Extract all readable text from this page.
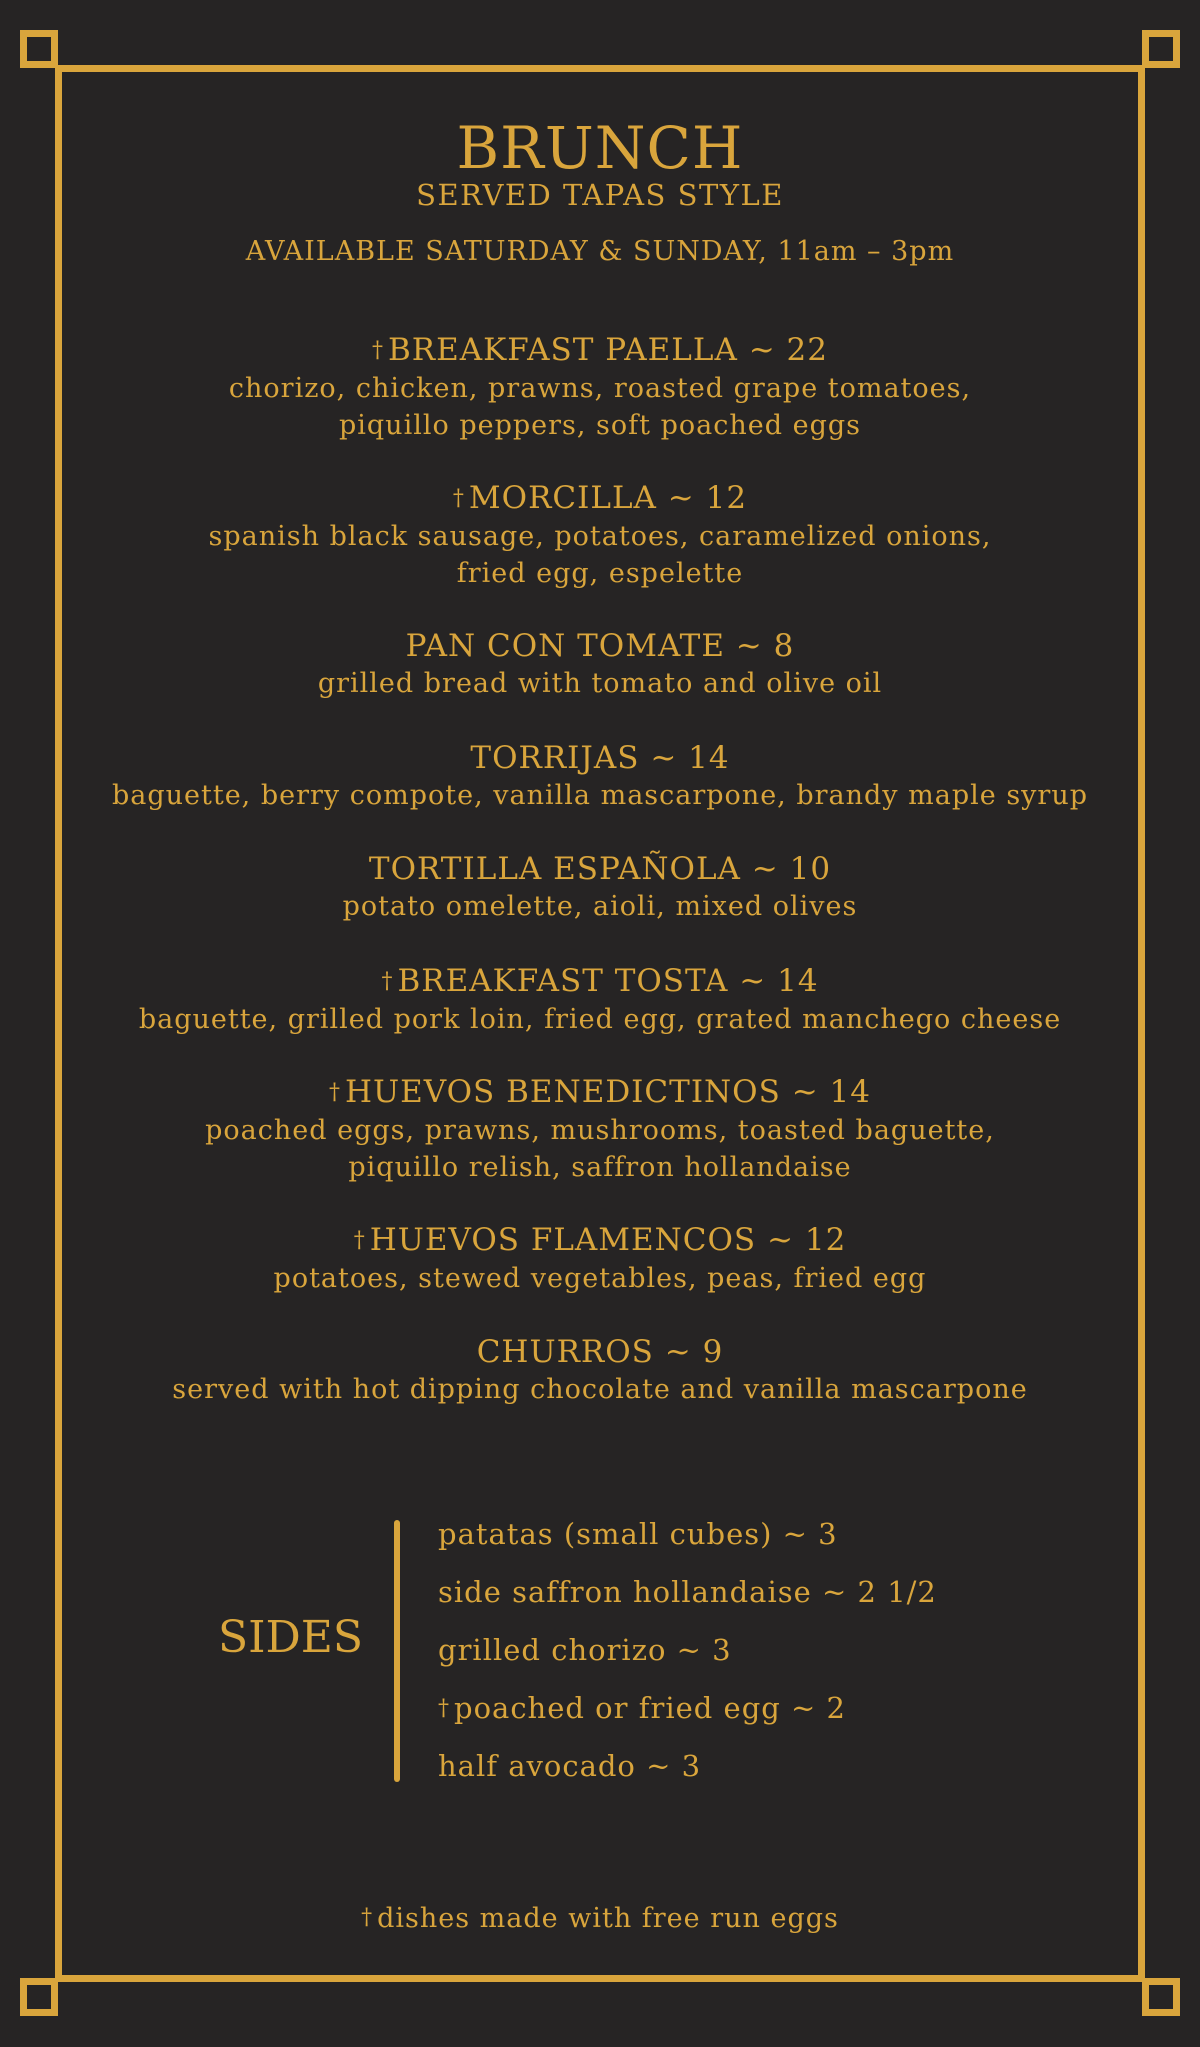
BRUNCH
SERVED TAPAS STYLE
AVAILABLE SATURDAY & SUNDAY, 11am – 3pm
† BREAKFAST PAELLA ~ 22
chorizo, chicken, prawns, roasted grape tomatoes,
piquillo peppers, soft poached eggs
† MORCILLA ~ 12
spanish black sausage, potatoes, caramelized onions,
fried egg, espelette
PAN CON TOMATE ~ 8
grilled bread with tomato and olive oil
TORRIJAS ~ 14
baguette, berry compote, vanilla mascarpone, brandy maple syrup
TORTILLA ESPAÑOLA ~ 10
potato omelette, aioli, mixed olives
† BREAKFAST TOSTA ~ 14
baguette, grilled pork loin, fried egg, grated manchego cheese
† HUEVOS BENEDICTINOS ~ 14
poached eggs, prawns, mushrooms, toasted baguette,
piquillo relish, saffron hollandaise
† HUEVOS FLAMENCOS ~ 12
potatoes, stewed vegetables, peas, fried egg
CHURROS ~ 9
served with hot dipping chocolate and vanilla mascarpone
SIDES
patatas (small cubes) ~ 3
side saffron hollandaise ~ 2 1/2
grilled chorizo ~ 3
† poached or fried egg ~ 2
half avocado ~ 3
† dishes made with free run eggs
